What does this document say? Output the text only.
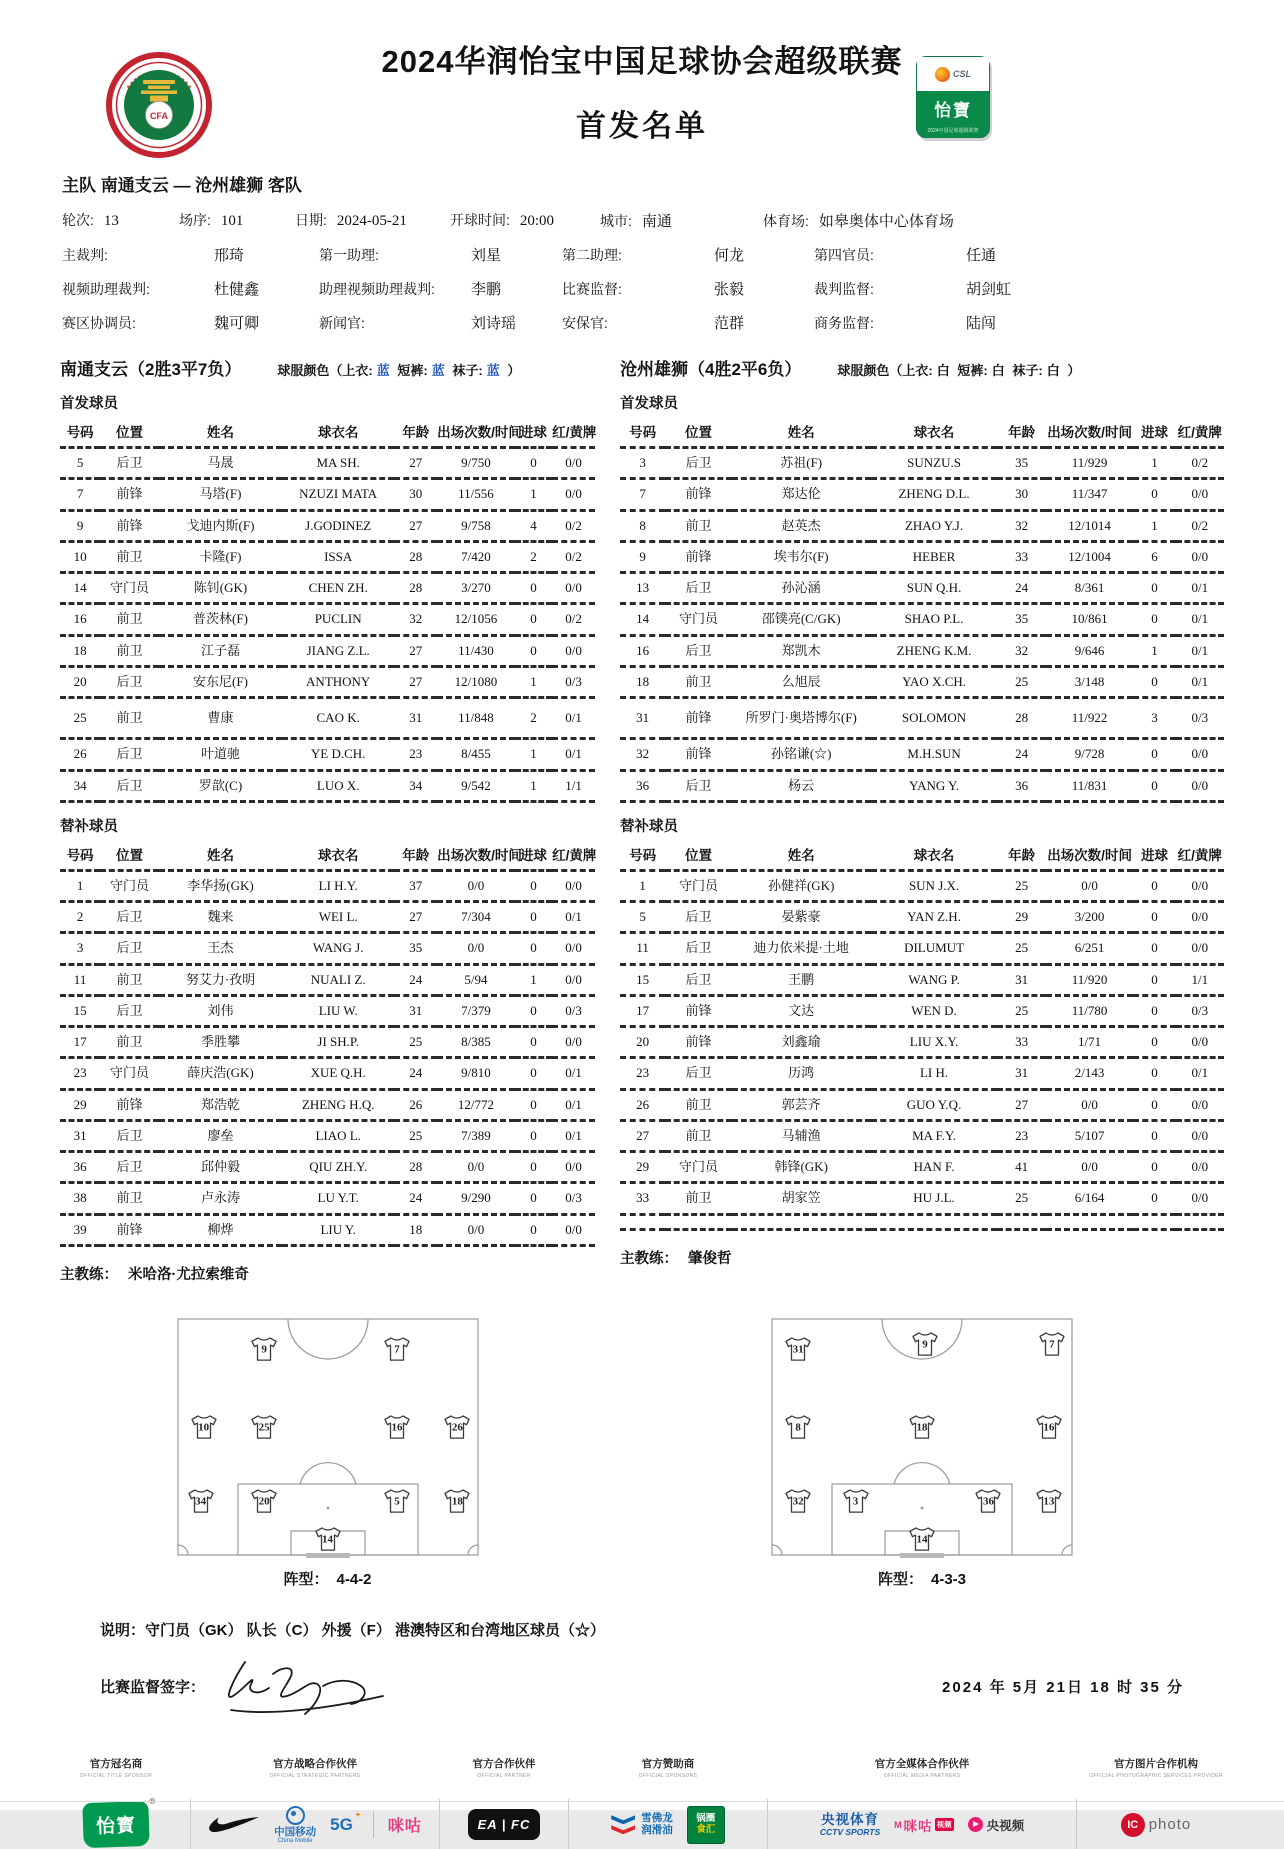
CFA
2024华润怡宝中国足球协会超级联赛
首发名单
CSL
怡寶
2024中国足球超级联赛
主队 南通支云 — 沧州雄狮 客队
轮次: 13	场序: 101	日期: 2024-05-21	开球时间: 20:00	城市: 南通	体育场: 如皋奥体中心体育场
主裁判:	邢琦	第一助理:	刘星	第二助理:	何龙	第四官员:	任通
视频助理裁判:	杜健鑫	助理视频助理裁判:	李鹏	比赛监督:	张毅	裁判监督:	胡剑虹
赛区协调员:	魏可卿	新闻官:	刘诗瑶	安保官:	范群	商务监督:	陆闯
南通支云（2胜3平7负）	球服颜色（上衣: 蓝 短裤: 蓝 袜子: 蓝 ）
首发球员
号码	位置	姓名	球衣名	年龄	出场次数/时间	进球	红/黄牌
5	后卫	马晟	MA SH.	27	9/750	0	0/0
7	前锋	马塔(F)	NZUZI MATA	30	11/556	1	0/0
9	前锋	戈迪内斯(F)	J.GODINEZ	27	9/758	4	0/2
10	前卫	卡隆(F)	ISSA	28	7/420	2	0/2
14	守门员	陈钊(GK)	CHEN ZH.	28	3/270	0	0/0
16	前卫	普茨林(F)	PUCLIN	32	12/1056	0	0/2
18	前卫	江子磊	JIANG Z.L.	27	11/430	0	0/0
20	后卫	安东尼(F)	ANTHONY	27	12/1080	1	0/3
25	前卫	曹康	CAO K.	31	11/848	2	0/1
26	后卫	叶道驰	YE D.CH.	23	8/455	1	0/1
34	后卫	罗歆(C)	LUO X.	34	9/542	1	1/1
替补球员
号码	位置	姓名	球衣名	年龄	出场次数/时间	进球	红/黄牌
1	守门员	李华扬(GK)	LI H.Y.	37	0/0	0	0/0
2	后卫	魏来	WEI L.	27	7/304	0	0/1
3	后卫	王杰	WANG J.	35	0/0	0	0/0
11	前卫	努艾力·孜明	NUALI Z.	24	5/94	1	0/0
15	后卫	刘伟	LIU W.	31	7/379	0	0/3
17	前卫	季胜攀	JI SH.P.	25	8/385	0	0/0
23	守门员	薛庆浩(GK)	XUE Q.H.	24	9/810	0	0/1
29	前锋	郑浩乾	ZHENG H.Q.	26	12/772	0	0/1
31	后卫	廖垒	LIAO L.	25	7/389	0	0/1
36	后卫	邱仲毅	QIU ZH.Y.	28	0/0	0	0/0
38	前卫	卢永涛	LU Y.T.	24	9/290	0	0/3
39	前锋	柳烨	LIU Y.	18	0/0	0	0/0
主教练： 米哈洛·尤拉索维奇
沧州雄狮（4胜2平6负）	球服颜色（上衣: 白 短裤: 白 袜子: 白 ）
首发球员
号码	位置	姓名	球衣名	年龄	出场次数/时间	进球	红/黄牌
3	后卫	苏祖(F)	SUNZU.S	35	11/929	1	0/2
7	前锋	郑达伦	ZHENG D.L.	30	11/347	0	0/0
8	前卫	赵英杰	ZHAO Y.J.	32	12/1014	1	0/2
9	前锋	埃韦尔(F)	HEBER	33	12/1004	6	0/0
13	后卫	孙沁涵	SUN Q.H.	24	8/361	0	0/1
14	守门员	邵镤亮(C/GK)	SHAO P.L.	35	10/861	0	0/1
16	后卫	郑凯木	ZHENG K.M.	32	9/646	1	0/1
18	前卫	么旭辰	YAO X.CH.	25	3/148	0	0/1
31	前锋	所罗门·奥塔博尔(F)	SOLOMON	28	11/922	3	0/3
32	前锋	孙铭谦(☆)	M.H.SUN	24	9/728	0	0/0
36	后卫	杨云	YANG Y.	36	11/831	0	0/0
替补球员
号码	位置	姓名	球衣名	年龄	出场次数/时间	进球	红/黄牌
1	守门员	孙健祥(GK)	SUN J.X.	25	0/0	0	0/0
5	后卫	晏紫豪	YAN Z.H.	29	3/200	0	0/0
11	后卫	迪力依米提·土地	DILUMUT	25	6/251	0	0/0
15	后卫	王鹏	WANG P.	31	11/920	0	1/1
17	前锋	文达	WEN D.	25	11/780	0	0/3
20	前锋	刘鑫瑜	LIU X.Y.	33	1/71	0	0/0
23	后卫	历鸿	LI H.	31	2/143	0	0/1
26	前卫	郭芸齐	GUO Y.Q.	27	0/0	0	0/0
27	前卫	马辅渔	MA F.Y.	23	5/107	0	0/0
29	守门员	韩锋(GK)	HAN F.	41	0/0	0	0/0
33	前卫	胡家笠	HU J.L.	25	6/164	0	0/0

主教练： 肇俊哲
9	7
10	25	16	26
34	20	5	18
14
阵型： 4-4-2
31	9	7
8	18	16
32	3	36	13
14
阵型： 4-3-3
说明：守门员（GK） 队长（C） 外援（F） 港澳特区和台湾地区球员（☆）
比赛监督签字：	2024 年 5月 21日 18 时 35 分
官方冠名商
OFFICIAL TITLE SPONSOR
怡寳
官方战略合作伙伴
OFFICIAL STRATEGIC PARTNERS
中国移动
China Mobile
5G ✦	咪咕
官方合作伙伴
OFFICIAL PARTNER
EA | FC
官方赞助商
OFFICIAL SPONSORS
雪佛龙
润滑油
锅圈
食汇
官方全媒体合作伙伴
OFFICIAL MEDIA PARTNERS
央视体育
CCTV SPORTS
M 咪咕 视频	央视频
官方图片合作机构
OFFICIAL PHOTOGRAPHIC SERVICES PROVIDER
IC photo
